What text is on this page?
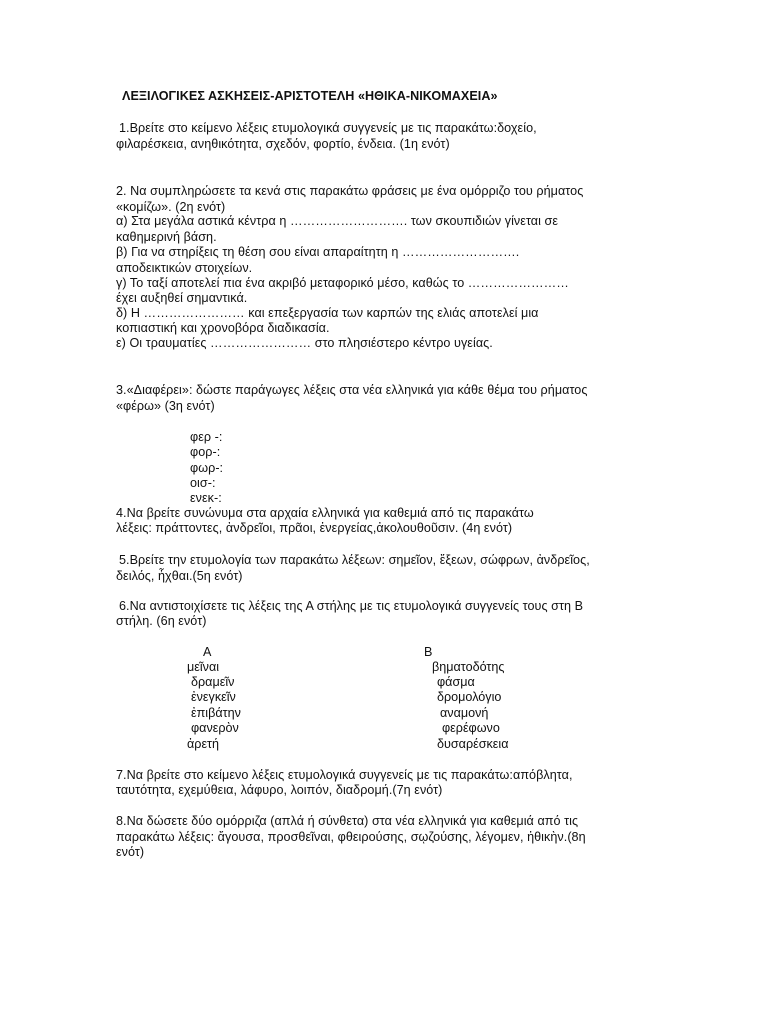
ΛΕΞΙΛΟΓΙΚΕΣ ΑΣΚΗΣΕΙΣ-ΑΡΙΣΤΟΤΕΛΗ «ΗΘΙΚΑ-ΝΙΚΟΜΑΧΕΙΑ»
1.Βρείτε στο κείμενο λέξεις ετυμολογικά συγγενείς με τις παρακάτω:δοχείο,
φιλαρέσκεια, ανηθικότητα, σχεδόν, φορτίο, ένδεια. (1η ενότ)
2. Να συμπληρώσετε τα κενά στις παρακάτω φράσεις με ένα ομόρριζο του ρήματος
«κομίζω». (2η ενότ)
α) Στα μεγάλα αστικά κέντρα η ………………………. των σκουπιδιών γίνεται σε
καθημερινή βάση.
β) Για να στηρίξεις τη θέση σου είναι απαραίτητη η ……………………….
αποδεικτικών στοιχείων.
γ) Το ταξί αποτελεί πια ένα ακριβό μεταφορικό μέσο, καθώς το ……………………
έχει αυξηθεί σημαντικά.
δ) Η …………………… και επεξεργασία των καρπών της ελιάς αποτελεί μια
κοπιαστική και χρονοβόρα διαδικασία.
ε) Οι τραυματίες …………………… στο πλησιέστερο κέντρο υγείας.
3.«Διαφέρει»: δώστε παράγωγες λέξεις στα νέα ελληνικά για κάθε θέμα του ρήματος
«φέρω» (3η ενότ)
φερ -:
φορ-:
φωρ-:
οισ-:
ενεκ-:
4.Να βρείτε συνώνυμα στα αρχαία ελληνικά για καθεμιά από τις παρακάτω
λέξεις: πράττοντες, ἀνδρεῖοι, πρᾶοι, ἐνεργείας,ἀκολουθοῦσιν. (4η ενότ)
5.Βρείτε την ετυμολογία των παρακάτω λέξεων: σημεῖον, ἕξεων, σώφρων, ἀνδρεῖος,
δειλός, ἧχθαι.(5η ενότ)
6.Να αντιστοιχίσετε τις λέξεις της Α στήλης με τις ετυμολογικά συγγενείς τους στη Β
στήλη. (6η ενότ)
Α	Β
μεῖναι
δραμεῖν
ἐνεγκεῖν
ἐπιβάτην
φανερὸν
ἀρετή
βηματοδότης
φάσμα
δρομολόγιο
αναμονή
φερέφωνο
δυσαρέσκεια
7.Να βρείτε στο κείμενο λέξεις ετυμολογικά συγγενείς με τις παρακάτω:απόβλητα,
ταυτότητα, εχεμύθεια, λάφυρο, λοιπόν, διαδρομή.(7η ενότ)
8.Να δώσετε δύο ομόρριζα (απλά ή σύνθετα) στα νέα ελληνικά για καθεμιά από τις
παρακάτω λέξεις: ἄγουσα, προσθεῖναι, φθειρούσης, σῳζούσης, λέγομεν, ἠθικὴν.(8η
ενότ)
